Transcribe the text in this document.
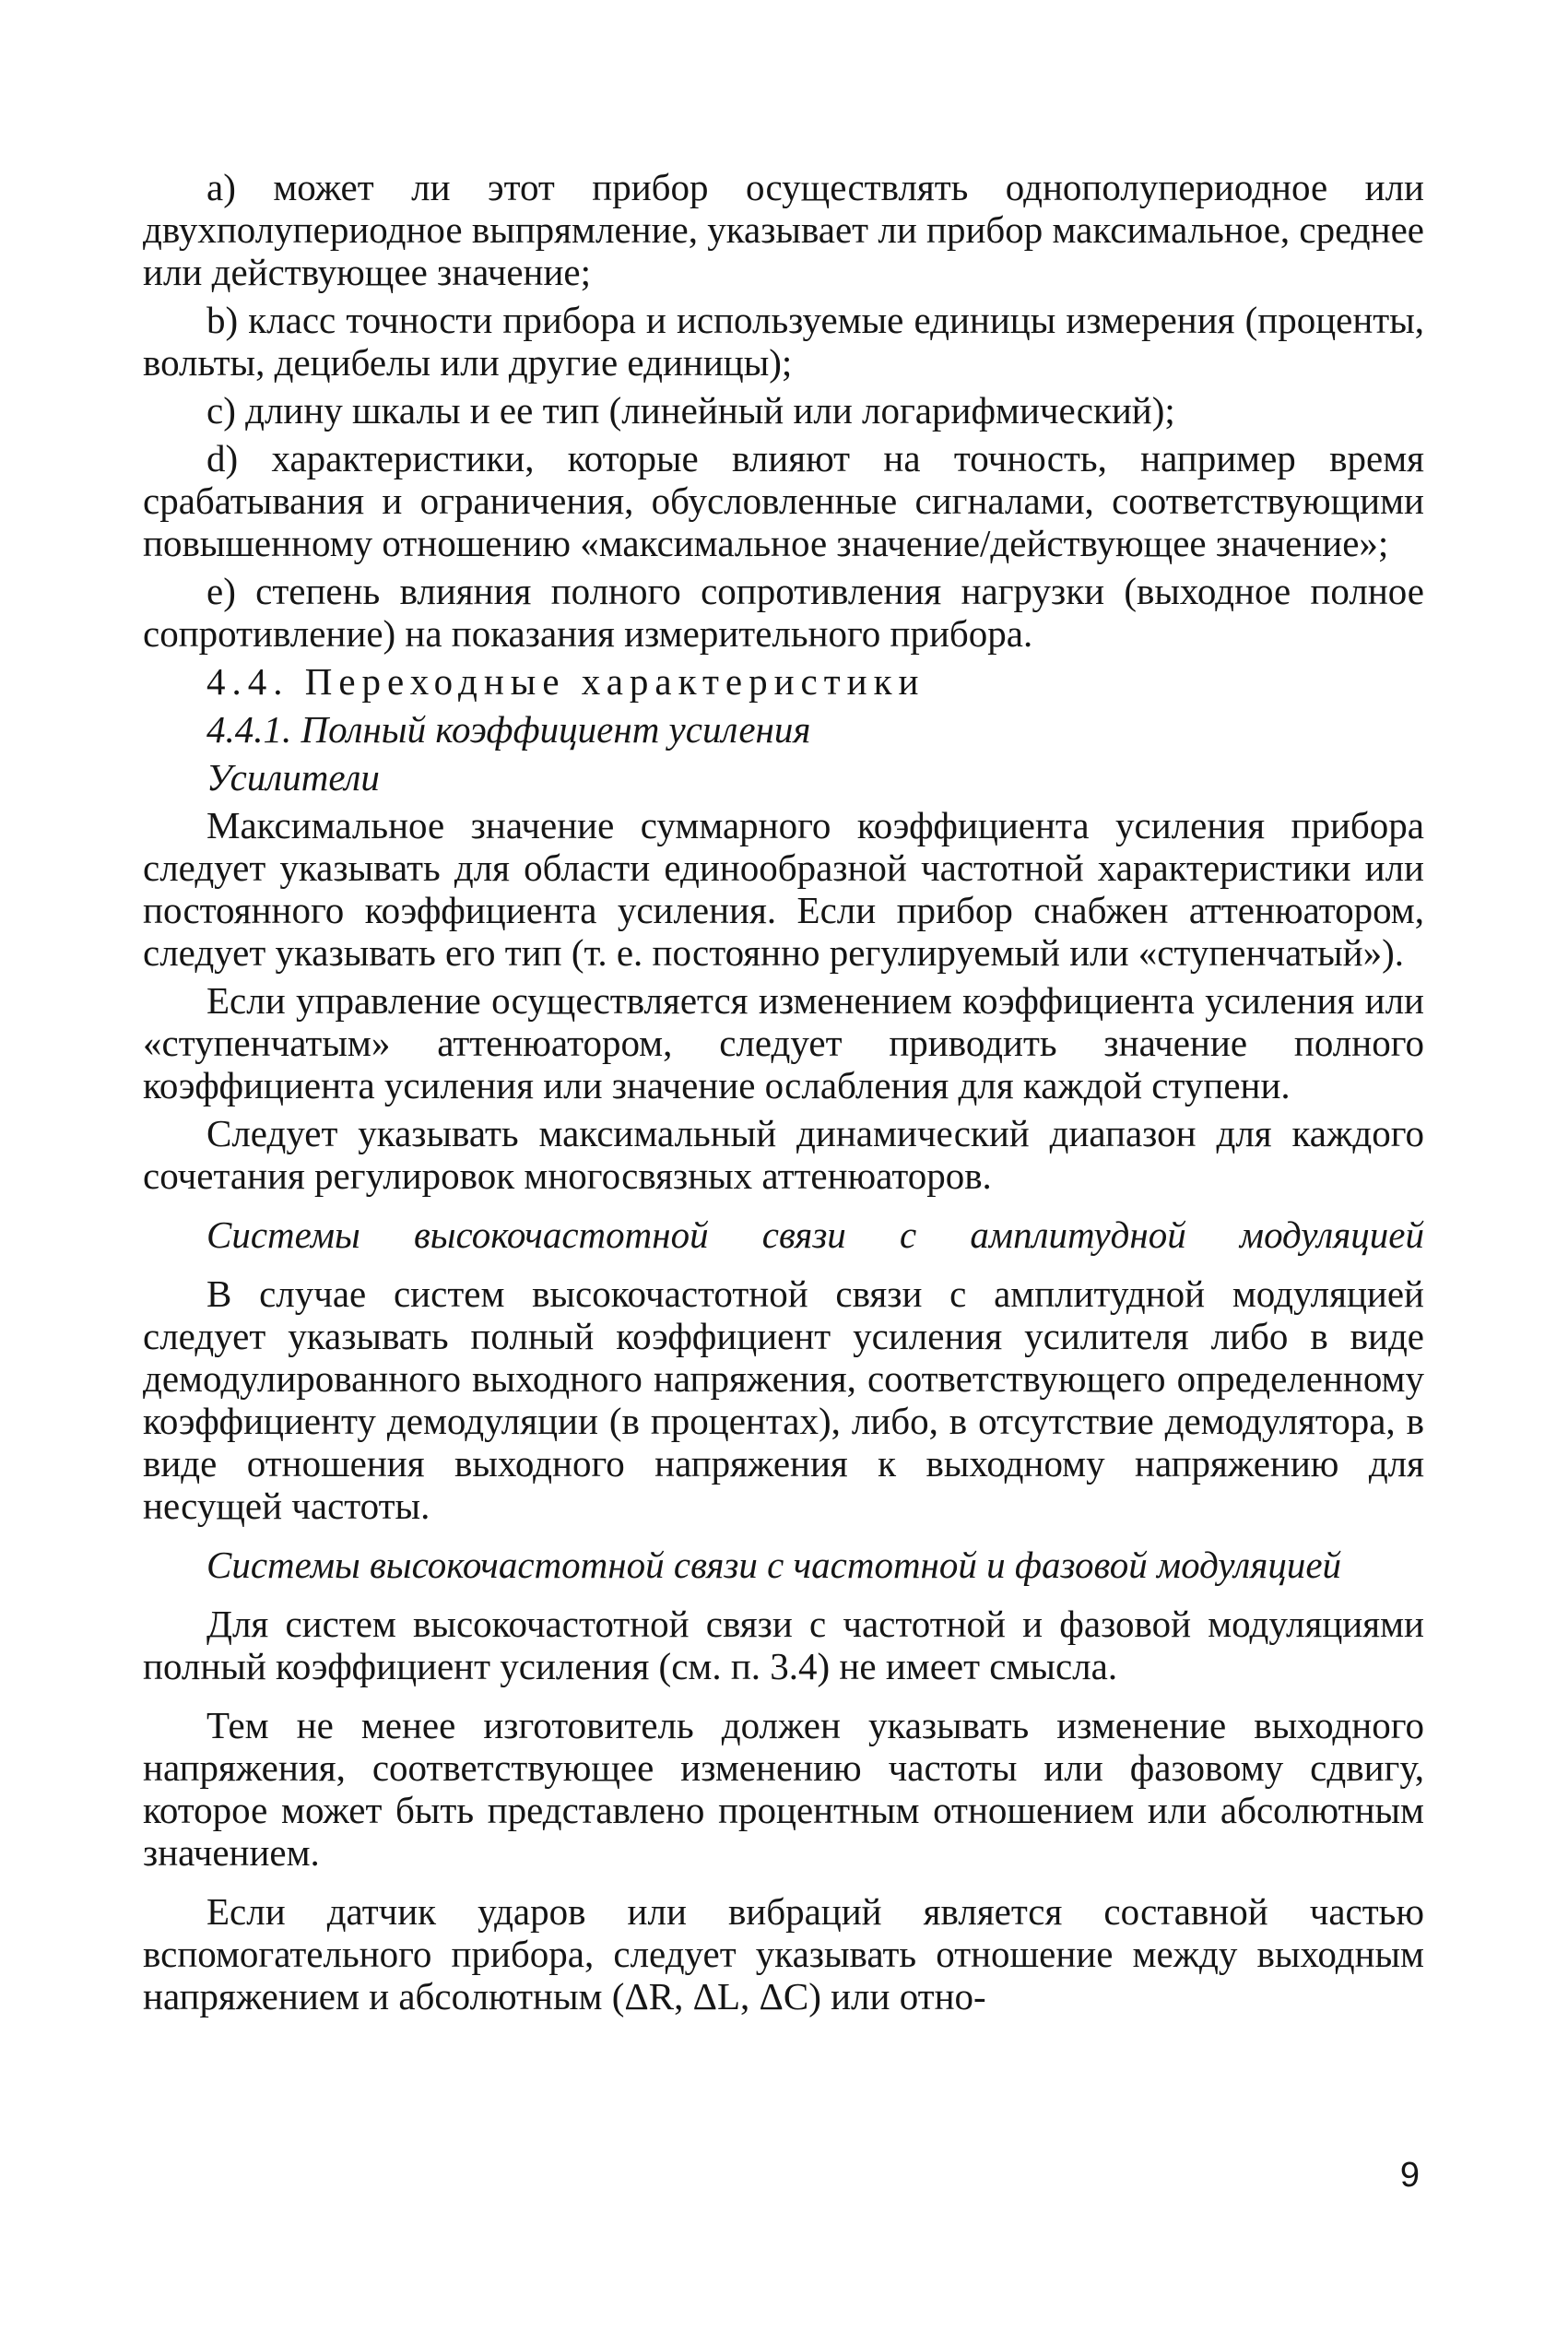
а) может ли этот прибор осуществлять однополупериодное или двухполупериодное выпрямление, указывает ли прибор максимальное, среднее или действующее значение;

b) класс точности прибора и используемые единицы измерения (проценты, вольты, децибелы или другие единицы);

с) длину шкалы и ее тип (линейный или логарифмический);

d) характеристики, которые влияют на точность, например время срабатывания и ограничения, обусловленные сигналами, соответствующими повышенному отношению «максимальное значение/действующее значение»;

е) степень влияния полного сопротивления нагрузки (выходное полное сопротивление) на показания измерительного прибора.

4.4. Переходные характеристики

4.4.1. Полный коэффициент усиления

Усилители

Максимальное значение суммарного коэффициента усиления прибора следует указывать для области единообразной частотной характеристики или постоянного коэффициента усиления. Если прибор снабжен аттенюатором, следует указывать его тип (т. е. постоянно регулируемый или «ступенчатый»).

Если управление осуществляется изменением коэффициента усиления или «ступенчатым» аттенюатором, следует приводить значение полного коэффициента усиления или значение ослабления для каждой ступени.

Следует указывать максимальный динамический диапазон для каждого сочетания регулировок многосвязных аттенюаторов.

Системы высокочастотной связи с амплитудной модуляцией

В случае систем высокочастотной связи с амплитудной модуляцией следует указывать полный коэффициент усиления усилителя либо в виде демодулированного выходного напряжения, соответствующего определенному коэффициенту демодуляции (в процентах), либо, в отсутствие демодулятора, в виде отношения выходного напряжения к выходному напряжению для несущей частоты.

Системы высокочастотной связи с частотной и фазовой модуляцией

Для систем высокочастотной связи с частотной и фазовой модуляциями полный коэффициент усиления (см. п. 3.4) не имеет смысла.

Тем не менее изготовитель должен указывать изменение выходного напряжения, соответствующее изменению частоты или фазовому сдвигу, которое может быть представлено процентным отношением или абсолютным значением.

Если датчик ударов или вибраций является составной частью вспомогательного прибора, следует указывать отношение между выходным напряжением и абсолютным (ΔR, ΔL, ΔC) или отно-

9
